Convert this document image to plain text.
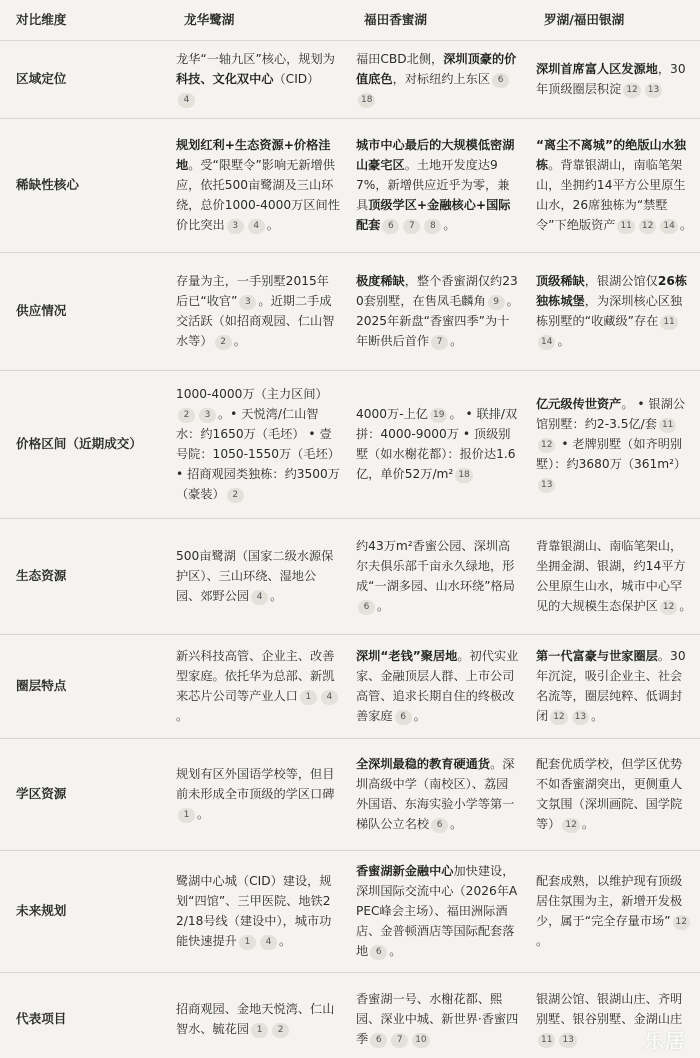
对比维度	龙华鹭湖	福田香蜜湖	罗湖/福田银湖
区域定位	龙华“一轴九区”核心，规划为科技、文化双中心（CID）4	福田CBD北侧，深圳顶豪的价值底色，对标纽约上东区 618	深圳首席富人区发源地，30年顶级圈层积淀 12 13
稀缺性核心	规划红利+生态资源+价格洼地。受“限墅令”影响无新增供应，依托500亩鹭湖及三山环绕，总价1000-4000万区间性价比突出 3 4 。	城市中心最后的大规模低密湖山豪宅区。土地开发度达97%，新增供应近乎为零，兼具顶级学区+金融核心+国际配套 6 7 8 。	“离尘不离城”的绝版山水独栋。背靠银湖山，南临笔架山，坐拥约14平方公里原生山水，26席独栋为“禁墅令”下绝版资产 11 12 14 。
供应情况	存量为主，一手别墅2015年后已“收官” 3 。近期二手成交活跃（如招商观园、仁山智水等） 2 。	极度稀缺，整个香蜜湖仅约230套别墅，在售凤毛麟角 9 。2025年新盘“香蜜四季”为十年断供后首作 7 。	顶级稀缺，银湖公馆仅26栋独栋城堡，为深圳核心区独栋别墅的“收藏级”存在 1114 。
价格区间（近期成交）	1000-4000万（主力区间）2 3 。• 天悦湾/仁山智水：约1650万（毛坯） • 壹号院：1050-1550万（毛坯） • 招商观园类独栋：约3500万（豪装） 2	4000万-上亿 19 。 • 联排/双拼：4000-9000万 • 顶级别墅（如水榭花都）：报价达1.6亿，单价52万/m² 18	亿元级传世资产。 • 银湖公馆别墅：约2-3.5亿/套 1112 • 老牌别墅（如齐明别墅）：约3680万（361m²）13
生态资源	500亩鹭湖（国家二级水源保护区）、三山环绕、湿地公园、郊野公园 4 。	约43万m²香蜜公园、深圳高尔夫俱乐部千亩永久绿地，形成“一湖多园、山水环绕”格局6 。	背靠银湖山、南临笔架山，坐拥金湖、银湖，约14平方公里原生山水，城市中心罕见的大规模生态保护区 12 。
圈层特点	新兴科技高管、企业主、改善型家庭。依托华为总部、新凯来芯片公司等产业人口 1 4。	深圳“老钱”聚居地。初代实业家、金融顶层人群、上市公司高管、追求长期自住的终极改善家庭 6 。	第一代富豪与世家圈层。30年沉淀，吸引企业主、社会名流等，圈层纯粹、低调封闭 12 13 。
学区资源	规划有区外国语学校等，但目前未形成全市顶级的学区口碑1 。	全深圳最稳的教育硬通货。深圳高级中学（南校区）、荔园外国语、东海实验小学等第一梯队公立名校 6 。	配套优质学校，但学区优势不如香蜜湖突出，更侧重人文氛围（深圳画院、国学院等） 12 。
未来规划	鹭湖中心城（CID）建设，规划“四馆”、三甲医院、地铁22/18号线（建设中），城市功能快速提升 1 4 。	香蜜湖新金融中心加快建设，深圳国际交流中心（2026年APEC峰会主场）、福田洲际酒店、金普顿酒店等国际配套落地 6 。	配套成熟，以维护现有顶级居住氛围为主，新增开发极少，属于“完全存量市场” 12。
代表项目	招商观园、金地天悦湾、仁山智水、毓花园 1 2	香蜜湖一号、水榭花都、熙园、深业中城、新世界·香蜜四季 6 7 10	银湖公馆、银湖山庄、齐明别墅、银谷别墅、金湖山庄11 13	乐居
